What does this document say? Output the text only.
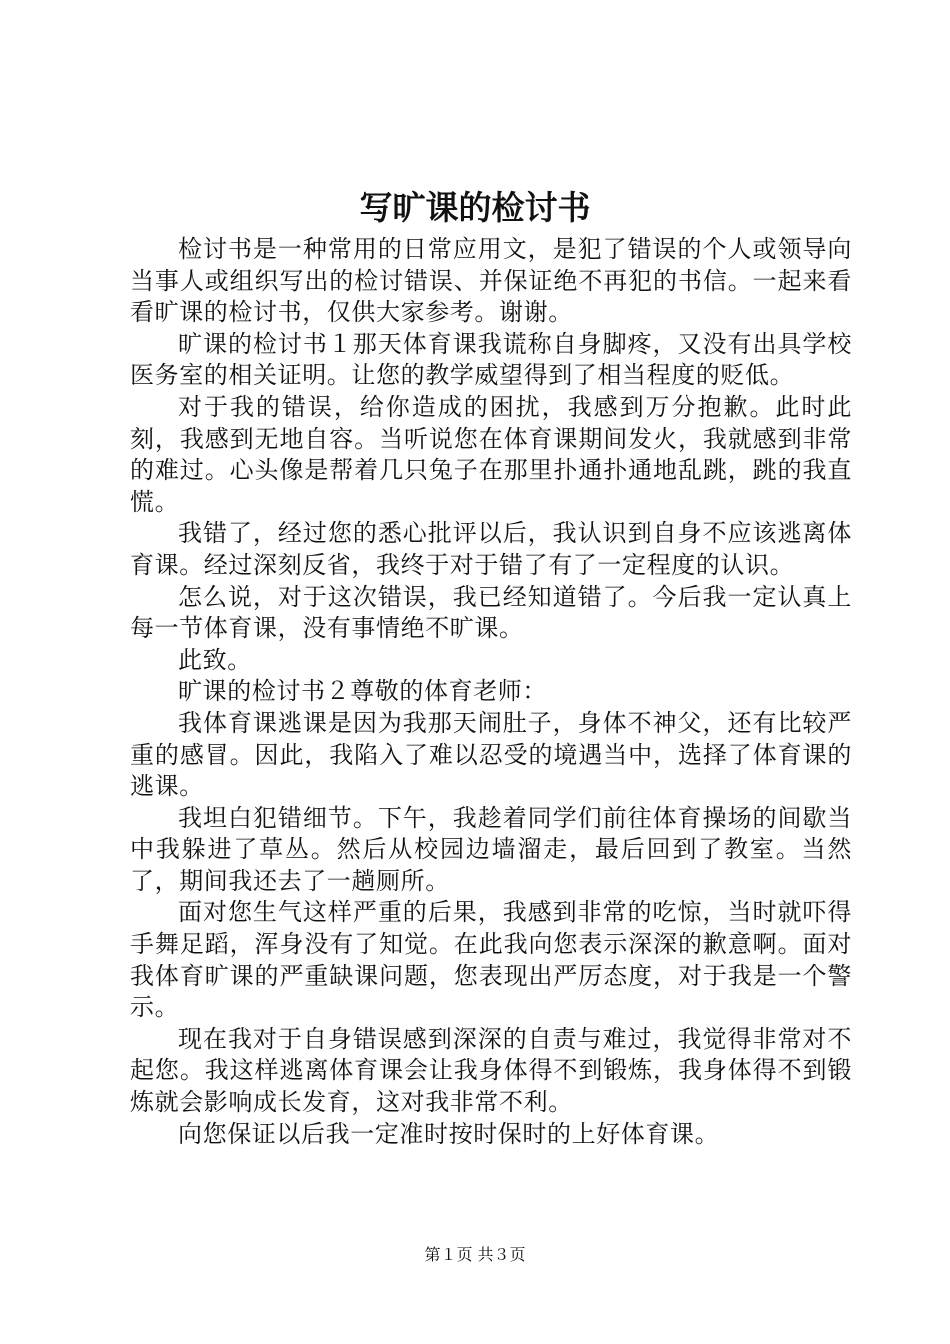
写旷课的检讨书

检讨书是一种常用的日常应用文，是犯了错误的个人或领导向当事人或组织写出的检讨错误、并保证绝不再犯的书信。一起来看看旷课的检讨书，仅供大家参考。谢谢。

旷课的检讨书１那天体育课我谎称自身脚疼，又没有出具学校医务室的相关证明。让您的教学威望得到了相当程度的贬低。

对于我的错误，给你造成的困扰，我感到万分抱歉。此时此刻，我感到无地自容。当听说您在体育课期间发火，我就感到非常的难过。心头像是帮着几只兔子在那里扑通扑通地乱跳，跳的我直慌。

我错了，经过您的悉心批评以后，我认识到自身不应该逃离体育课。经过深刻反省，我终于对于错了有了一定程度的认识。

怎么说，对于这次错误，我已经知道错了。今后我一定认真上每一节体育课，没有事情绝不旷课。

此致。

旷课的检讨书２尊敬的体育老师：

我体育课逃课是因为我那天闹肚子，身体不神父，还有比较严重的感冒。因此，我陷入了难以忍受的境遇当中，选择了体育课的逃课。

我坦白犯错细节。下午，我趁着同学们前往体育操场的间歇当中我躲进了草丛。然后从校园边墙溜走，最后回到了教室。当然了，期间我还去了一趟厕所。

面对您生气这样严重的后果，我感到非常的吃惊，当时就吓得手舞足蹈，浑身没有了知觉。在此我向您表示深深的歉意啊。面对我体育旷课的严重缺课问题，您表现出严厉态度，对于我是一个警示。

现在我对于自身错误感到深深的自责与难过，我觉得非常对不起您。我这样逃离体育课会让我身体得不到锻炼，我身体得不到锻炼就会影响成长发育，这对我非常不利。

向您保证以后我一定准时按时保时的上好体育课。

第１页 共３页
